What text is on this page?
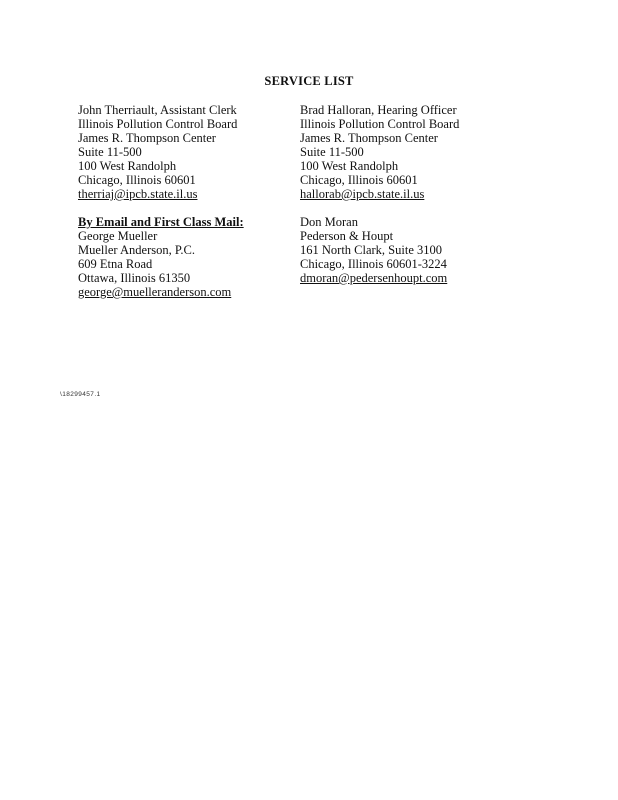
SERVICE LIST
John Therriault, Assistant Clerk
Illinois Pollution Control Board
James R. Thompson Center
Suite 11-500
100 West Randolph
Chicago, Illinois 60601
therriaj@ipcb.state.il.us
Brad Halloran, Hearing Officer
Illinois Pollution Control Board
James R. Thompson Center
Suite 11-500
100 West Randolph
Chicago, Illinois 60601
hallorab@ipcb.state.il.us
By Email and First Class Mail:
George Mueller
Mueller Anderson, P.C.
609 Etna Road
Ottawa, Illinois 61350
george@muelleranderson.com
Don Moran
Pederson & Houpt
161 North Clark, Suite 3100
Chicago, Illinois 60601-3224
dmoran@pedersenhoupt.com
\18299457.1
